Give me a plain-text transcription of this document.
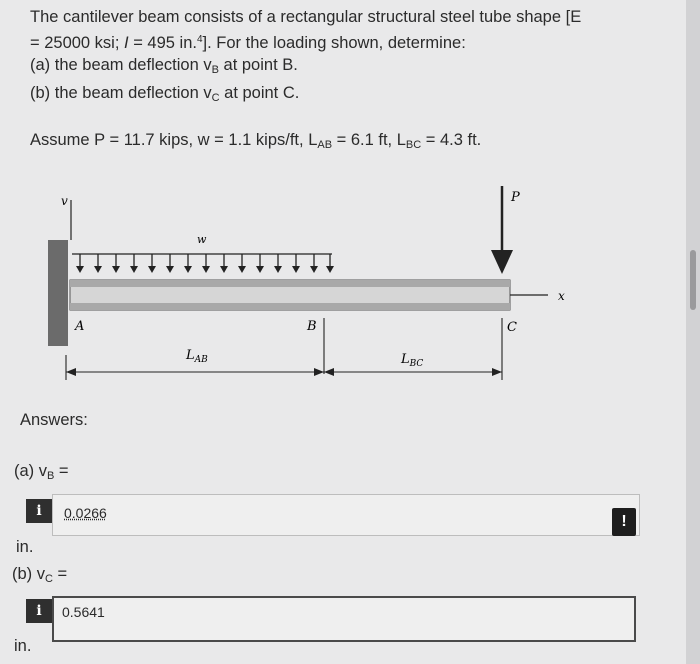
The cantilever beam consists of a rectangular structural steel tube shape [E
= 25000 ksi; I = 495 in.$^4$]. For the loading shown, determine:
(a) the beam deflection $v_B$ at point B.
(b) the beam deflection $v_C$ at point C.
Assume P = 11.7 kips, w = 1.1 kips/ft, $L_{AB} = 6.1$ ft, $L_{BC} = 4.3$ ft.
v
w
x
P
A	B	C
$L_{AB}$	$L_{BC}$
Answers:
(a) $v_B$ =
i	0.0266	!
in.
(b) $v_C$ =
i	0.5641
in.
